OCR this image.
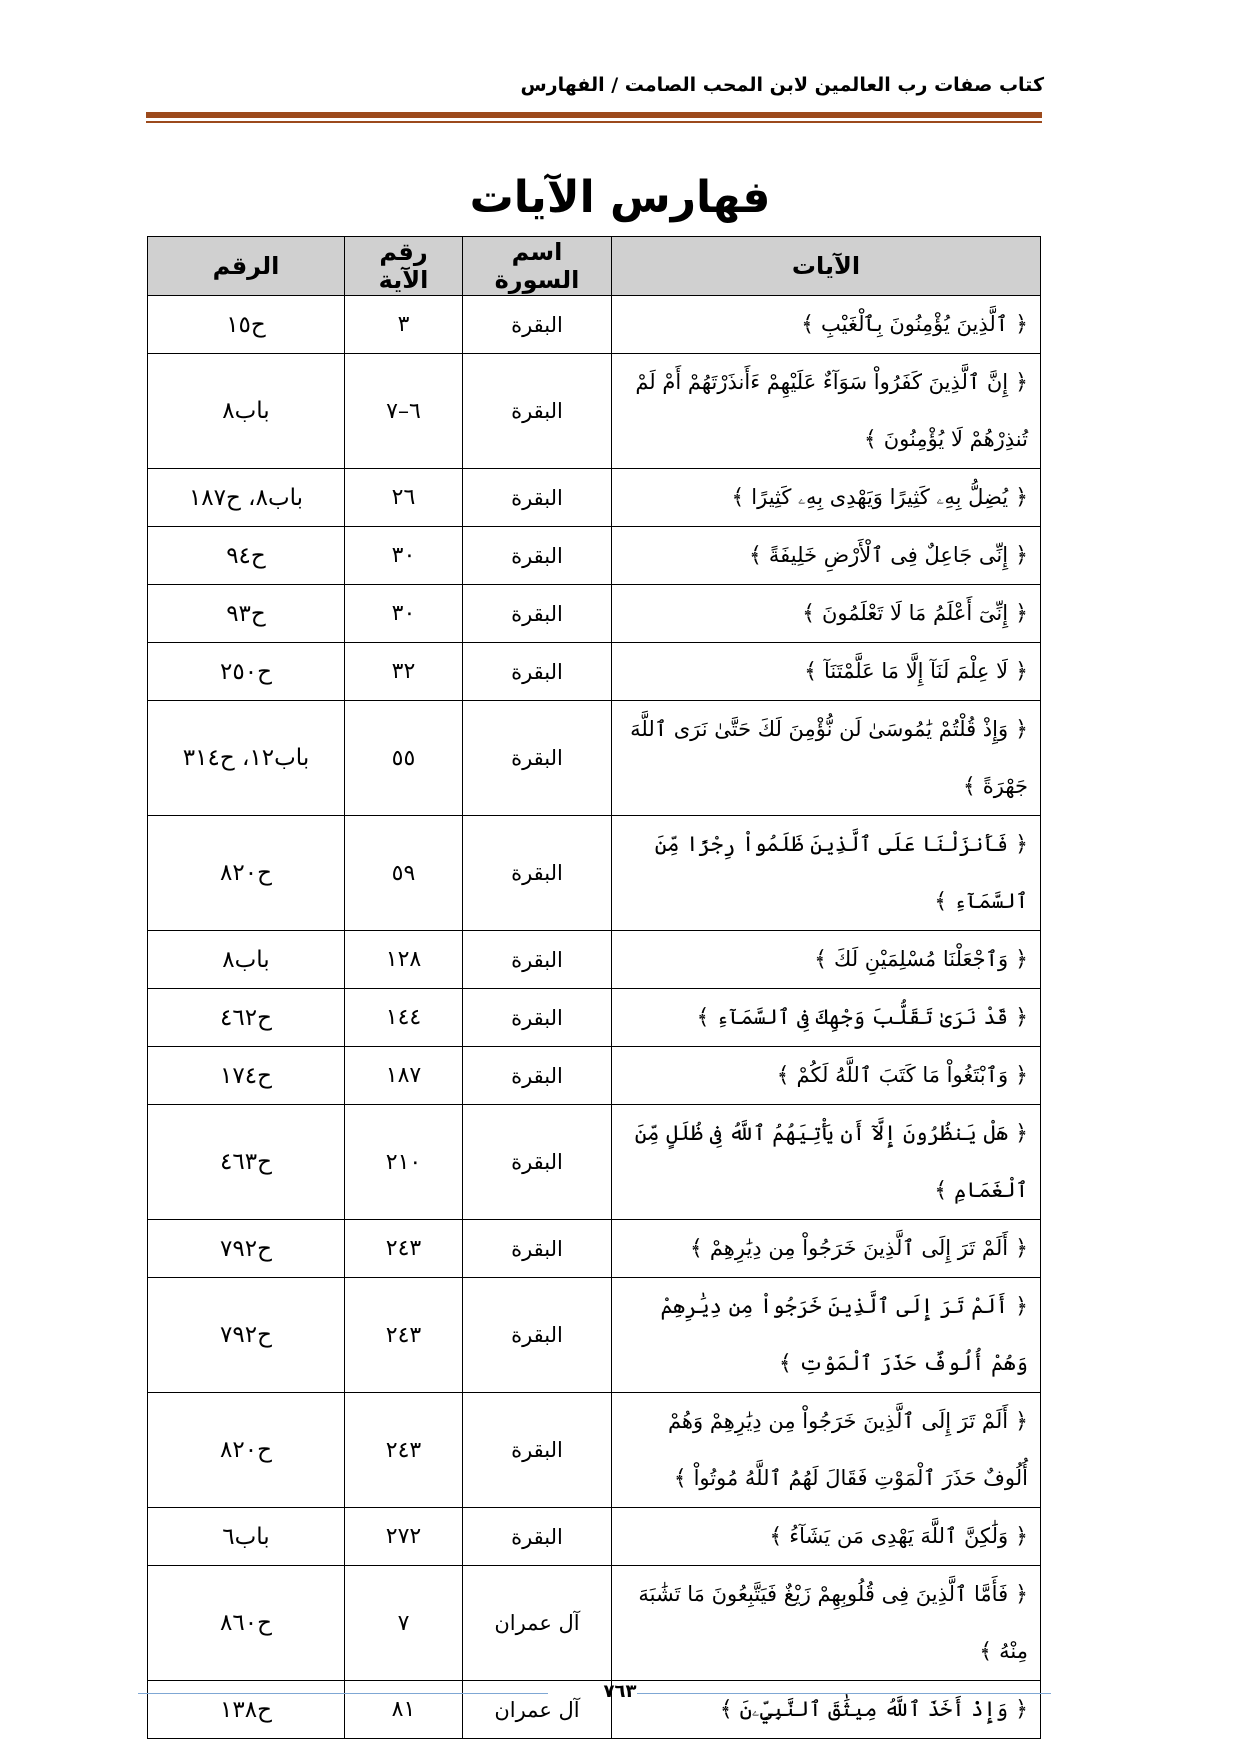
كتاب صفات رب العالمين لابن المحب الصامت / الفهارس
فهارس الآيات
الآيات	اسم السورة	رقم الآية	الرقم
﴿ ٱلَّذِينَ يُؤْمِنُونَ بِٱلْغَيْبِ ﴾	البقرة	٣	ح١٥
﴿ إِنَّ ٱلَّذِينَ كَفَرُواْ سَوَآءٌ عَلَيْهِمْ ءَأَنذَرْتَهُمْ أَمْ لَمْ تُنذِرْهُمْ لَا يُؤْمِنُونَ ﴾	البقرة	٦–٧	باب٨
﴿ يُضِلُّ بِهِۦ كَثِيرًا وَيَهْدِى بِهِۦ كَثِيرًا ﴾	البقرة	٢٦	باب٨، ح١٨٧
﴿ إِنِّى جَاعِلٌ فِى ٱلْأَرْضِ خَلِيفَةً ﴾	البقرة	٣٠	ح٩٤
﴿ إِنِّىٓ أَعْلَمُ مَا لَا تَعْلَمُونَ ﴾	البقرة	٣٠	ح٩٣
﴿ لَا عِلْمَ لَنَآ إِلَّا مَا عَلَّمْتَنَآ ﴾	البقرة	٣٢	ح٢٥٠
﴿ وَإِذْ قُلْتُمْ يَٰمُوسَىٰ لَن نُّؤْمِنَ لَكَ حَتَّىٰ نَرَى ٱللَّهَ جَهْرَةً ﴾	البقرة	٥٥	باب١٢، ح٣١٤
﴿ فَأَنزَلْنَا عَلَى ٱلَّذِينَ ظَلَمُواْ رِجْزًا مِّنَ ٱلسَّمَآءِ ﴾	البقرة	٥٩	ح٨٢٠
﴿ وَٱجْعَلْنَا مُسْلِمَيْنِ لَكَ ﴾	البقرة	١٢٨	باب٨
﴿ قَدْ نَرَىٰ تَقَلُّبَ وَجْهِكَ فِى ٱلسَّمَآءِ ﴾	البقرة	١٤٤	ح٤٦٢
﴿ وَٱبْتَغُواْ مَا كَتَبَ ٱللَّهُ لَكُمْ ﴾	البقرة	١٨٧	ح١٧٤
﴿ هَلْ يَنظُرُونَ إِلَّآ أَن يَأْتِيَهُمُ ٱللَّهُ فِى ظُلَلٍ مِّنَ ٱلْغَمَامِ ﴾	البقرة	٢١٠	ح٤٦٣
﴿ أَلَمْ تَرَ إِلَى ٱلَّذِينَ خَرَجُواْ مِن دِيَٰرِهِمْ ﴾	البقرة	٢٤٣	ح٧٩٢
﴿ أَلَمْ تَرَ إِلَى ٱلَّذِينَ خَرَجُواْ مِن دِيَٰرِهِمْ وَهُمْ أُلُوفٌ حَذَرَ ٱلْمَوْتِ ﴾	البقرة	٢٤٣	ح٧٩٢
﴿ أَلَمْ تَرَ إِلَى ٱلَّذِينَ خَرَجُواْ مِن دِيَٰرِهِمْ وَهُمْ أُلُوفٌ حَذَرَ ٱلْمَوْتِ فَقَالَ لَهُمُ ٱللَّهُ مُوتُواْ ﴾	البقرة	٢٤٣	ح٨٢٠
﴿ وَلَٰكِنَّ ٱللَّهَ يَهْدِى مَن يَشَآءُ ﴾	البقرة	٢٧٢	باب٦
﴿ فَأَمَّا ٱلَّذِينَ فِى قُلُوبِهِمْ زَيْغٌ فَيَتَّبِعُونَ مَا تَشَٰبَهَ مِنْهُ ﴾	آل عمران	٧	ح٨٦٠
﴿ وَإِذْ أَخَذَ ٱللَّهُ مِيثَٰقَ ٱلنَّبِيِّۦنَ ﴾	آل عمران	٨١	ح١٣٨
٧٦٣
